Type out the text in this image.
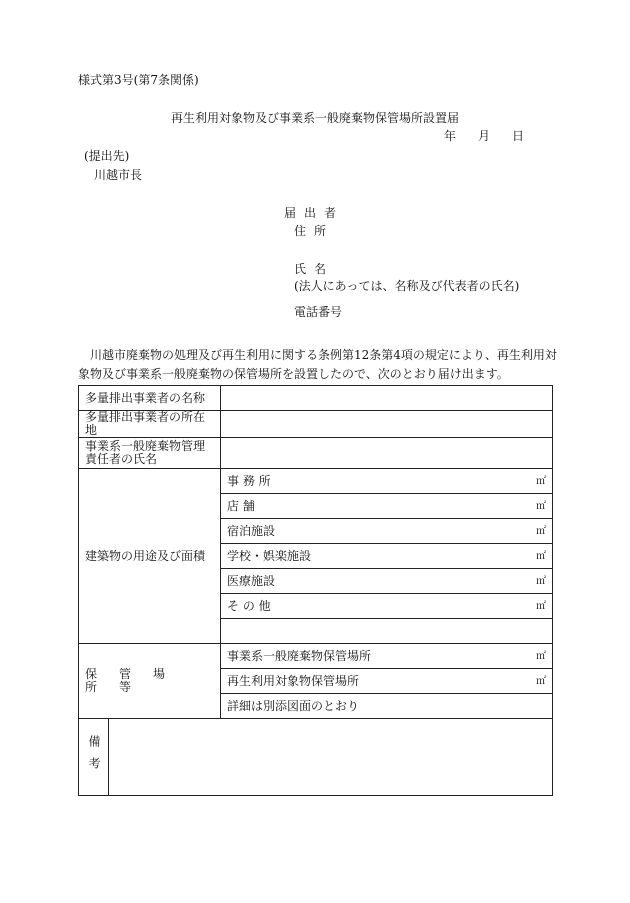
様式第3号(第7条関係)
再生利用対象物及び事業系一般廃棄物保管場所設置届
年 月 日
(提出先)
川越市長
届出者
住所
氏名
(法人にあっては、名称及び代表者の氏名)
電話番号
川越市廃棄物の処理及び再生利用に関する条例第12条第4項の規定により、再生利用対象物及び事業系一般廃棄物の保管場所を設置したので、次のとおり届け出ます。
多量排出事業者の名称		
多量排出事業者の所在地		

事業系一般廃棄物管理
責任者の氏名		

建築物の用途及び面積		事 務 所 ㎡

		店 舗 ㎡

		宿泊施設 ㎡

		学校・娯楽施設 ㎡

		医療施設 ㎡

		そ の 他 ㎡

保管場所等		事業系一般廃棄物保管場所 ㎡

		再生利用対象物保管場所 ㎡

		詳細は別添図面のとおり
備考		
